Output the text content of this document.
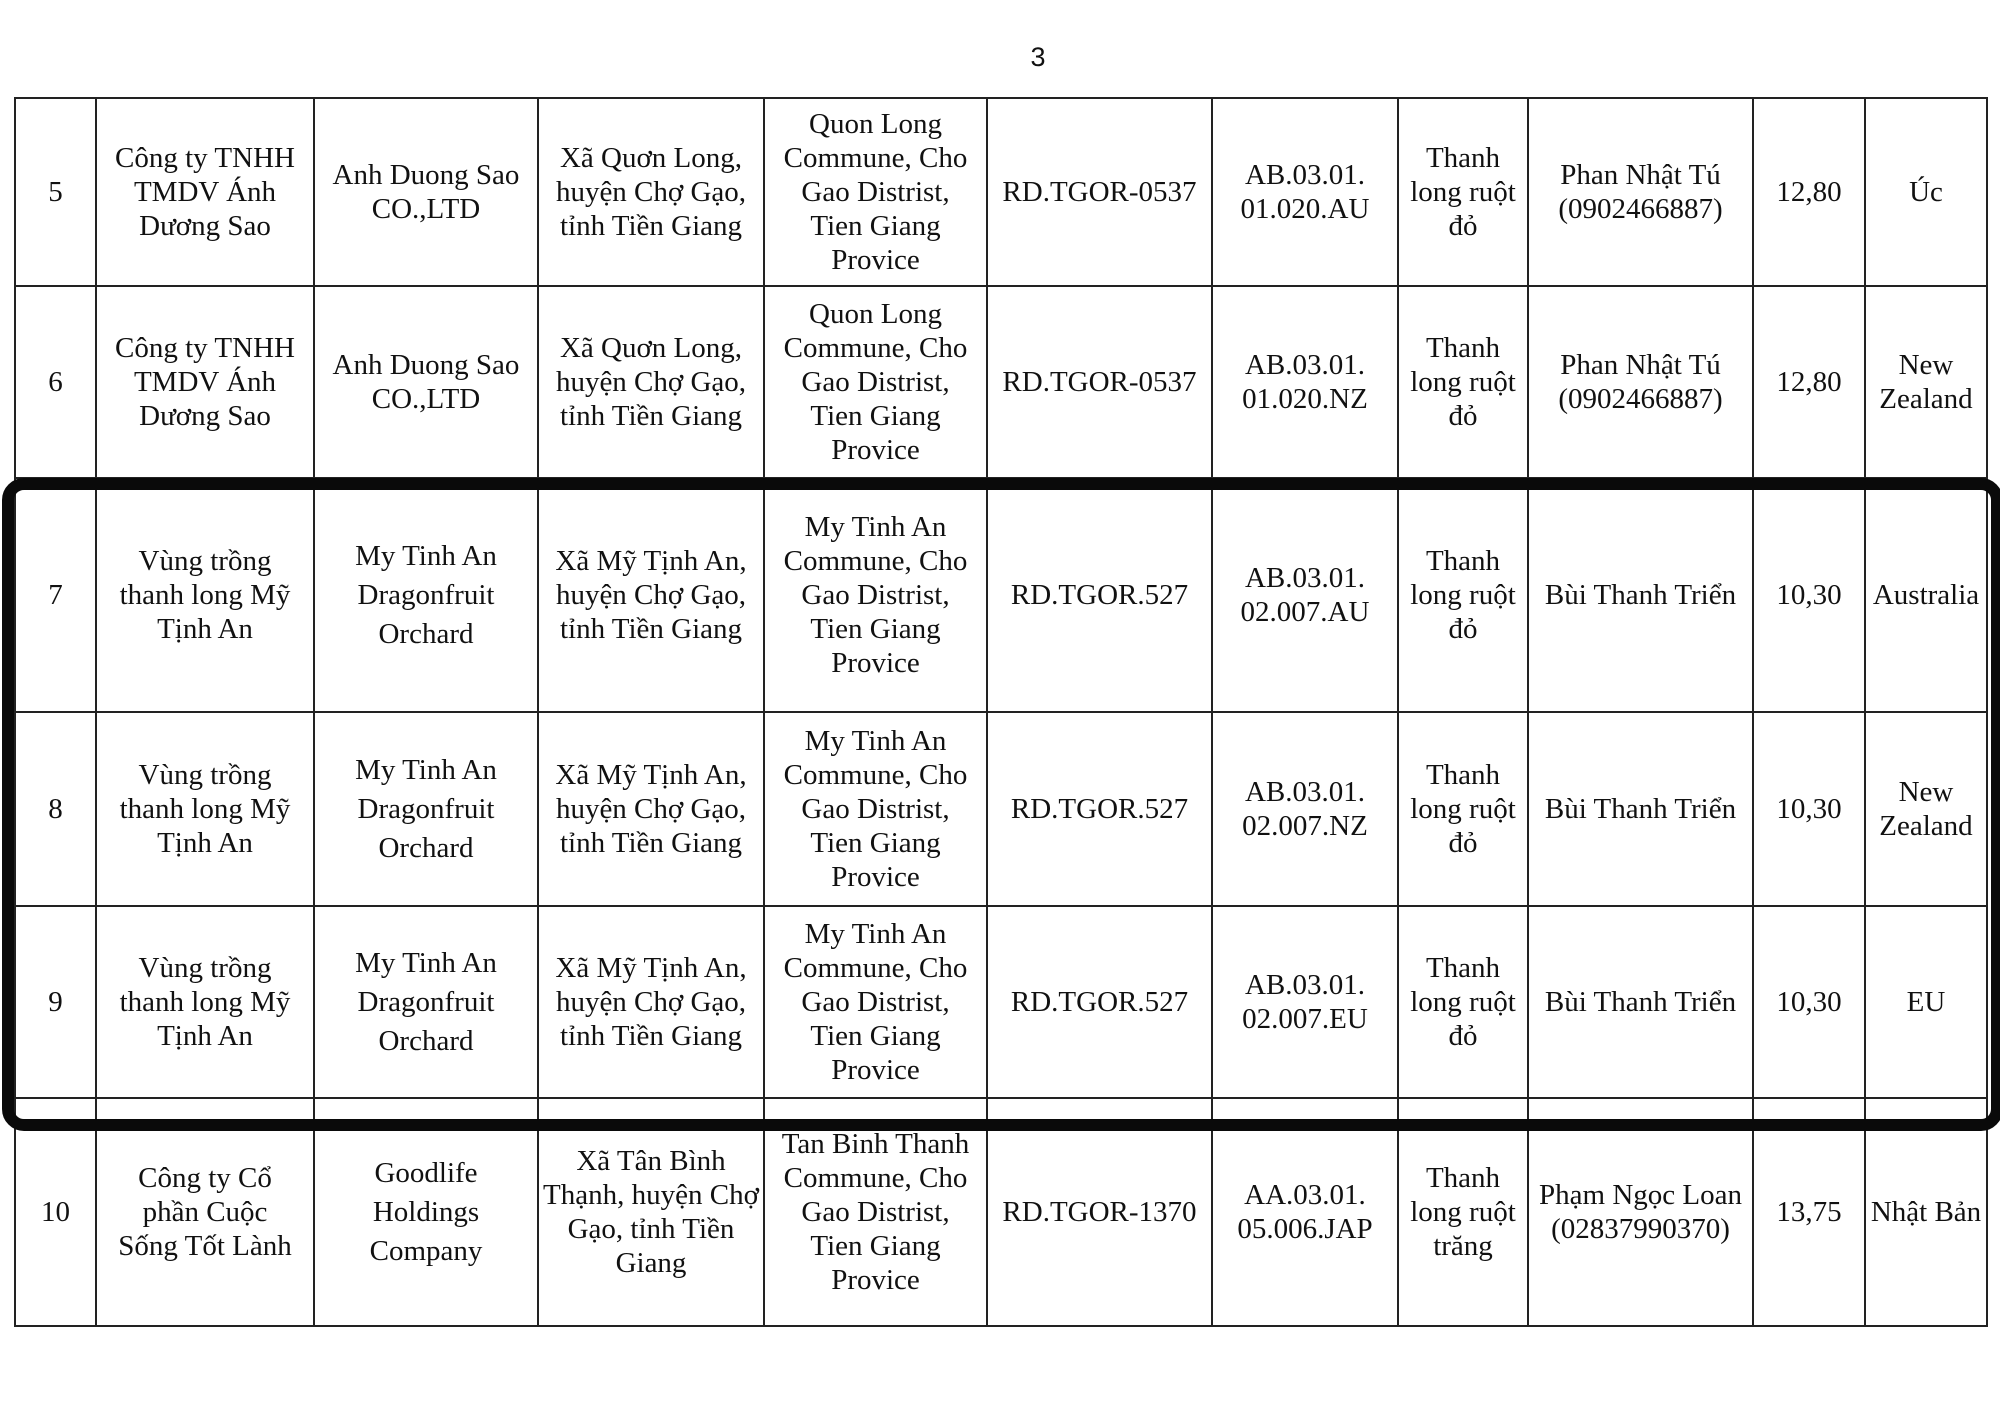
3
5	Công ty TNHH
TMDV Ánh
Dương Sao	Anh Duong Sao
CO.,LTD	Xã Quơn Long,
huyện Chợ Gạo,
tỉnh Tiền Giang	Quon Long
Commune, Cho
Gao Distrist,
Tien Giang
Provice	RD.TGOR-0537	AB.03.01.
01.020.AU	Thanh
long ruột
đỏ	Phan Nhật Tú
(0902466887)	12,80	Úc

6	Công ty TNHH
TMDV Ánh
Dương Sao	Anh Duong Sao
CO.,LTD	Xã Quơn Long,
huyện Chợ Gạo,
tỉnh Tiền Giang	Quon Long
Commune, Cho
Gao Distrist,
Tien Giang
Provice	RD.TGOR-0537	AB.03.01.
01.020.NZ	Thanh
long ruột
đỏ	Phan Nhật Tú
(0902466887)	12,80	New
Zealand

7	Vùng trồng
thanh long Mỹ
Tịnh An	My Tinh An
Dragonfruit
Orchard	Xã Mỹ Tịnh An,
huyện Chợ Gạo,
tỉnh Tiền Giang	My Tinh An
Commune, Cho
Gao Distrist,
Tien Giang
Provice	RD.TGOR.527	AB.03.01.
02.007.AU	Thanh
long ruột
đỏ	Bùi Thanh Triển	10,30	Australia

8	Vùng trồng
thanh long Mỹ
Tịnh An	My Tinh An
Dragonfruit
Orchard	Xã Mỹ Tịnh An,
huyện Chợ Gạo,
tỉnh Tiền Giang	My Tinh An
Commune, Cho
Gao Distrist,
Tien Giang
Provice	RD.TGOR.527	AB.03.01.
02.007.NZ	Thanh
long ruột
đỏ	Bùi Thanh Triển	10,30	New
Zealand

9	Vùng trồng
thanh long Mỹ
Tịnh An	My Tinh An
Dragonfruit
Orchard	Xã Mỹ Tịnh An,
huyện Chợ Gạo,
tỉnh Tiền Giang	My Tinh An
Commune, Cho
Gao Distrist,
Tien Giang
Provice	RD.TGOR.527	AB.03.01.
02.007.EU	Thanh
long ruột
đỏ	Bùi Thanh Triển	10,30	EU

10	Công ty Cổ
phần Cuộc
Sống Tốt Lành	Goodlife
Holdings
Company	Xã Tân Bình
Thạnh, huyện Chợ
Gạo, tỉnh Tiền
Giang	Tan Binh Thanh
Commune, Cho
Gao Distrist,
Tien Giang
Provice	RD.TGOR-1370	AA.03.01.
05.006.JAP	Thanh
long ruột
trăng	Phạm Ngọc Loan
(02837990370)	13,75	Nhật Bản
